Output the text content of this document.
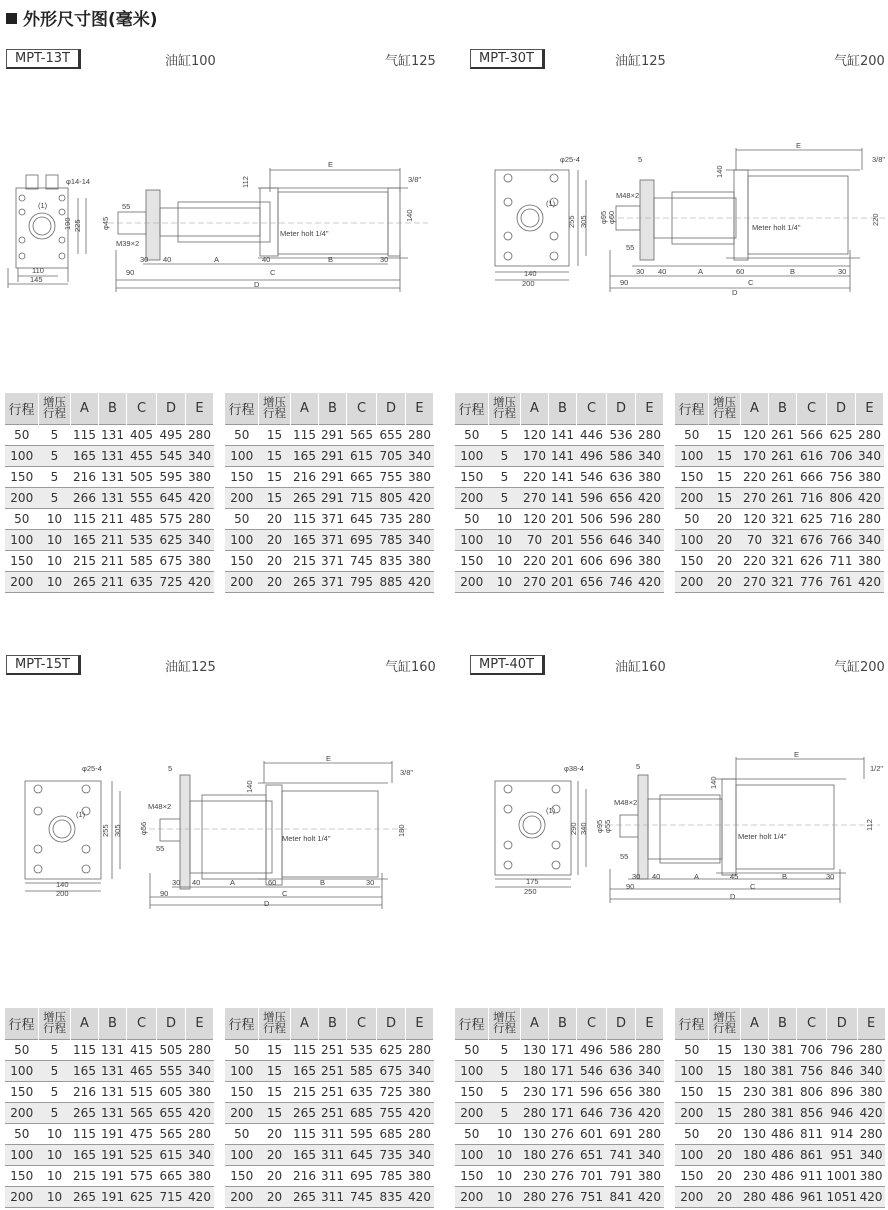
外形尺寸图(毫米)
MPT-13T	油缸100	气缸125	MPT-30T	油缸125	气缸200
MPT-15T	油缸125	气缸160	MPT-40T	油缸160	气缸200
φ14-14
(1)
190 225
110
145
55
φ45
M39×2
112
140
3/8"
E
Meter holt 1/4"
30 40	A	40	B	30
90	C
D
φ25-4
(1)
255 305
140
200
5
M48×2
φ95 φ60
55
140
220
3/8"
E
Meter holt 1/4"
30 40	A	60	B	30
90	C
D
φ25-4
(1)
255 305
140
200
5
M48×2
φ56
55
140
180
3/8"
E
Meter holt 1/4"
30 40	A	60	B	30
90	C
D
φ38-4
(1)
290 340
175
250
5
M48×2
φ95 φ55
55
140
112
1/2"
E
Meter holt 1/4"
30 40	A	45	B	30
90	C
D
行程	增压行程	A	B	C	D	E
50	5	115	131	405	495	280
100	5	165	131	455	545	340
150	5	216	131	505	595	380
200	5	266	131	555	645	420
50	10	115	211	485	575	280
100	10	165	211	535	625	340
150	10	215	211	585	675	380
200	10	265	211	635	725	420
行程	增压行程	A	B	C	D	E
50	15	115	291	565	655	280
100	15	165	291	615	705	340
150	15	216	291	665	755	380
200	15	265	291	715	805	420
50	20	115	371	645	735	280
100	20	165	371	695	785	340
150	20	215	371	745	835	380
200	20	265	371	795	885	420
行程	增压行程	A	B	C	D	E
50	5	120	141	446	536	280
100	5	170	141	496	586	340
150	5	220	141	546	636	380
200	5	270	141	596	656	420
50	10	120	201	506	596	280
100	10	70	201	556	646	340
150	10	220	201	606	696	380
200	10	270	201	656	746	420
行程	增压行程	A	B	C	D	E
50	15	120	261	566	625	280
100	15	170	261	616	706	340
150	15	220	261	666	756	380
200	15	270	261	716	806	420
50	20	120	321	625	716	280
100	20	70	321	676	766	340
150	20	220	321	626	711	380
200	20	270	321	776	761	420
行程	增压行程	A	B	C	D	E
50	5	115	131	415	505	280
100	5	165	131	465	555	340
150	5	216	131	515	605	380
200	5	265	131	565	655	420
50	10	115	191	475	565	280
100	10	165	191	525	615	340
150	10	215	191	575	665	380
200	10	265	191	625	715	420
行程	增压行程	A	B	C	D	E
50	15	115	251	535	625	280
100	15	165	251	585	675	340
150	15	215	251	635	725	380
200	15	265	251	685	755	420
50	20	115	311	595	685	280
100	20	165	311	645	735	340
150	20	216	311	695	785	380
200	20	265	311	745	835	420
行程	增压行程	A	B	C	D	E
50	5	130	171	496	586	280
100	5	180	171	546	636	340
150	5	230	171	596	656	380
200	5	280	171	646	736	420
50	10	130	276	601	691	280
100	10	180	276	651	741	340
150	10	230	276	701	791	380
200	10	280	276	751	841	420
行程	增压行程	A	B	C	D	E
50	15	130	381	706	796	280
100	15	180	381	756	846	340
150	15	230	381	806	896	380
200	15	280	381	856	946	420
50	20	130	486	811	914	280
100	20	180	486	861	951	340
150	20	230	486	911	1001	380
200	20	280	486	961	1051	420
